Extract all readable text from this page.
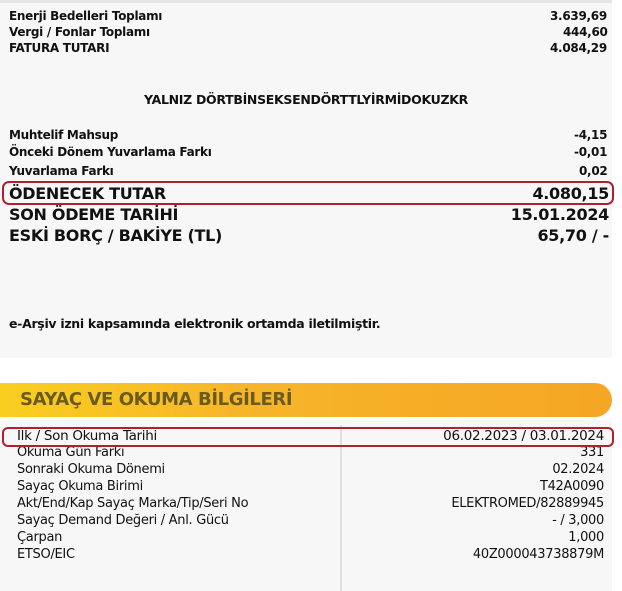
Enerji Bedelleri Toplamı	3.639,69
Vergi / Fonlar Toplamı	444,60
FATURA TUTARI	4.084,29
YALNIZ DÖRTBİNSEKSENDÖRTTLYİRMİDOKUZKR
Muhtelif Mahsup	-4,15
Önceki Dönem Yuvarlama Farkı	-0,01
Yuvarlama Farkı	0,02
ÖDENECEK TUTAR	4.080,15
SON ÖDEME TARİHİ	15.01.2024
ESKİ BORÇ / BAKİYE (TL)	65,70 / -
e-Arşiv izni kapsamında elektronik ortamda iletilmiştir.
SAYAÇ VE OKUMA BİLGİLERİ
İlk / Son Okuma Tarihi	06.02.2023 / 03.01.2024
Okuma Gün Farkı	331
Sonraki Okuma Dönemi	02.2024
Sayaç Okuma Birimi	T42A0090
Akt/End/Kap Sayaç Marka/Tip/Seri No	ELEKTROMED/82889945
Sayaç Demand Değeri / Anl. Gücü	- / 3,000
Çarpan	1,000
ETSO/EIC	40Z000043738879M
